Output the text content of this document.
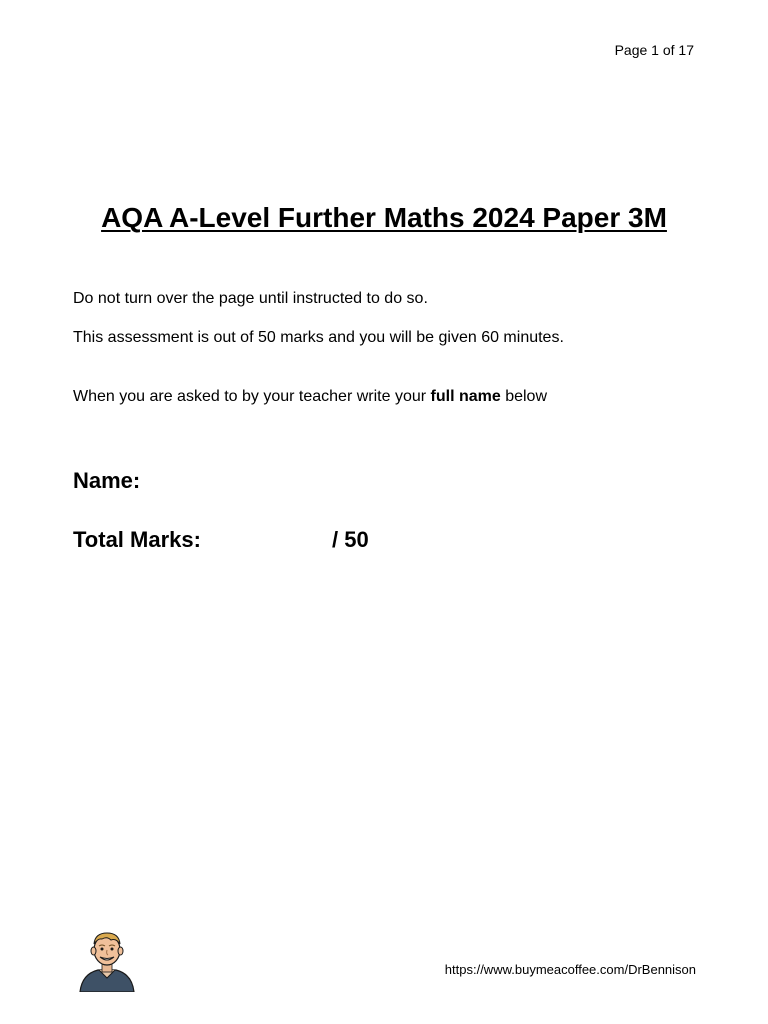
Page 1 of 17
AQA A-Level Further Maths 2024 Paper 3M

Do not turn over the page until instructed to do so.

This assessment is out of 50 marks and you will be given 60 minutes.

When you are asked to by your teacher write your full name below

Name:
Total Marks:	/ 50
https://www.buymeacoffee.com/DrBennison
